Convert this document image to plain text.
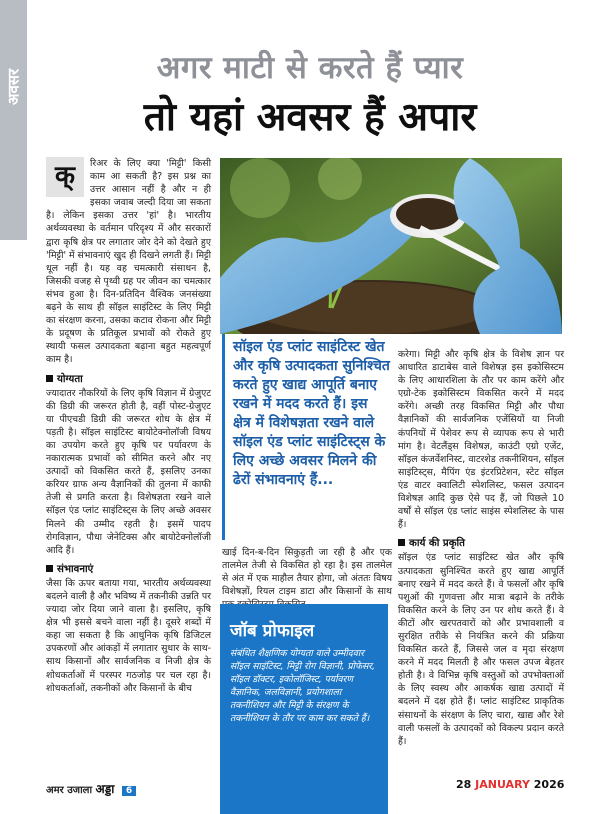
अवसर
अगर माटी से करते हैं प्यार
तो यहां अवसर हैं अपार
क्	रिअर के लिए क्या 'मिट्टी' किसी काम आ सकती है? इस प्रश्न का उत्तर आसान नहीं है और न ही इसका जवाब जल्दी दिया जा सकता है। लेकिन इसका उत्तर 'हां' है। भारतीय अर्थव्यवस्था के वर्तमान परिदृश्य में और सरकारों द्वारा कृषि क्षेत्र पर लगातार जोर देने को देखते हुए 'मिट्टी' में संभावनाएं खुद ही दिखने लगती हैं। मिट्टी धूल नहीं है। यह वह चमत्कारी संसाधन है, जिसकी वजह से पृथ्वी ग्रह पर जीवन का चमत्कार संभव हुआ है। दिन-प्रतिदिन वैश्विक जनसंख्या बढ़ने के साथ ही सॉइल साइंटिस्ट के लिए मिट्टी का संरक्षण करना, उसका कटाव रोकना और मिट्टी के प्रदूषण के प्रतिकूल प्रभावों को रोकते हुए स्थायी फसल उत्पादकता बढ़ाना बहुत महत्वपूर्ण काम है।

योग्यता

ज्यादातर नौकरियों के लिए कृषि विज्ञान में ग्रेजुएट की डिग्री की जरूरत होती है, वहीं पोस्ट-ग्रेजुएट या पीएचडी डिग्री की जरूरत शोध के क्षेत्र में पड़ती है। सॉइल साइंटिस्ट बायोटेक्नोलॉजी विषय का उपयोग करते हुए कृषि पर पर्यावरण के नकारात्मक प्रभावों को सीमित करने और नए उत्पादों को विकसित करते हैं, इसलिए उनका करियर ग्राफ अन्य वैज्ञानिकों की तुलना में काफी तेजी से प्रगति करता है। विशेषज्ञता रखने वाले सॉइल एंड प्लांट साइंटिस्ट्स के लिए अच्छे अवसर मिलने की उम्मीद रहती है। इसमें पादप रोगविज्ञान, पौधा जेनेटिक्स और बायोटेक्नोलॉजी आदि हैं।

संभावनाएं

जैसा कि ऊपर बताया गया, भारतीय अर्थव्यवस्था बदलने वाली है और भविष्य में तकनीकी उन्नति पर ज्यादा जोर दिया जाने वाला है। इसलिए, कृषि क्षेत्र भी इससे बचने वाला नहीं है। दूसरे शब्दों में कहा जा सकता है कि आधुनिक कृषि डिजिटल उपकरणों और आंकड़ों में लगातार सुधार के साथ-साथ किसानों और सार्वजनिक व निजी क्षेत्र के शोधकर्ताओं में परस्पर गठजोड़ पर चल रहा है। शोधकर्ताओं, तकनीकों और किसानों के बीच

सॉइल एंड प्लांट साइंटिस्ट खेत और कृषि उत्पादकता सुनिश्चित करते हुए खाद्य आपूर्ति बनाए रखने में मदद करते हैं। इस क्षेत्र में विशेषज्ञता रखने वाले सॉइल एंड प्लांट साइंटिस्ट्स के लिए अच्छे अवसर मिलने की ढेरों संभावनाएं हैं...
खाई दिन-ब-दिन सिकुड़ती जा रही है और एक तालमेल तेजी से विकसित हो रहा है। इस तालमेल से अंत में एक माहौल तैयार होगा, जो अंततः विषय विशेषज्ञों, रियल टाइम डाटा और किसानों के साथ
जॉब प्रोफाइल
संबंधित शैक्षणिक योग्यता वाले उम्मीदवार सॉइल साइंटिस्ट, मिट्टी रोग विज्ञानी, प्रोफेसर, सॉइल डॉक्टर, इकोलॉजिस्ट, पर्यावरण वैज्ञानिक, जलविज्ञानी, प्रयोगशाला तकनीशियन और मिट्टी के संरक्षण के तकनीशियन के तौर पर काम कर सकते हैं।

करेगा। मिट्टी और कृषि क्षेत्र के विशेष ज्ञान पर आधारित डाटाबेस वाले विशेषज्ञ इस इकोसिस्टम के लिए आधारशिला के तौर पर काम करेंगे और एग्रो-टेक इकोसिस्टम विकसित करने में मदद करेंगे। अच्छी तरह विकसित मिट्टी और पौधा वैज्ञानिकों की सार्वजनिक एजेंसियों या निजी कंपनियों में पेशेवर रूप से व्यापक रूप से भारी मांग है। वेटलैंड्स विशेषज्ञ, काउंटी एग्रो एजेंट, सॉइल कंजर्वेशनिस्ट, वाटरशेड तकनीशियन, सॉइल साइंटिस्ट्स, मैपिंग एंड इंटरप्रिटेशन, स्टेट सॉइल एंड वाटर क्वालिटी स्पेशलिस्ट, फसल उत्पादन विशेषज्ञ आदि कुछ ऐसे पद हैं, जो पिछले 10 वर्षों से सॉइल एंड प्लांट साइंस स्पेशलिस्ट के पास हैं।

कार्य की प्रकृति

सॉइल एंड प्लांट साइंटिस्ट खेत और कृषि उत्पादकता सुनिश्चित करते हुए खाद्य आपूर्ति बनाए रखने में मदद करते हैं। वे फसलों और कृषि पशुओं की गुणवत्ता और मात्रा बढ़ाने के तरीके विकसित करने के लिए उन पर शोध करते हैं। वे कीटों और खरपतवारों को और प्रभावशाली व सुरक्षित तरीके से नियंत्रित करने की प्रक्रिया विकसित करते हैं, जिससे जल व मृदा संरक्षण करने में मदद मिलती है और फसल उपज बेहतर होती है। वे विभिन्न कृषि वस्तुओं को उपभोक्ताओं के लिए स्वस्थ और आकर्षक खाद्य उत्पादों में बदलने में दक्ष होते हैं। प्लांट साइंटिस्ट प्राकृतिक संसाधनों के संरक्षण के लिए चारा, खाद्य और रेशे वाली फसलों के उत्पादकों को विकल्प प्रदान करते हैं।

अमर उजाला अड्डा 6	28 JANUARY 2026
